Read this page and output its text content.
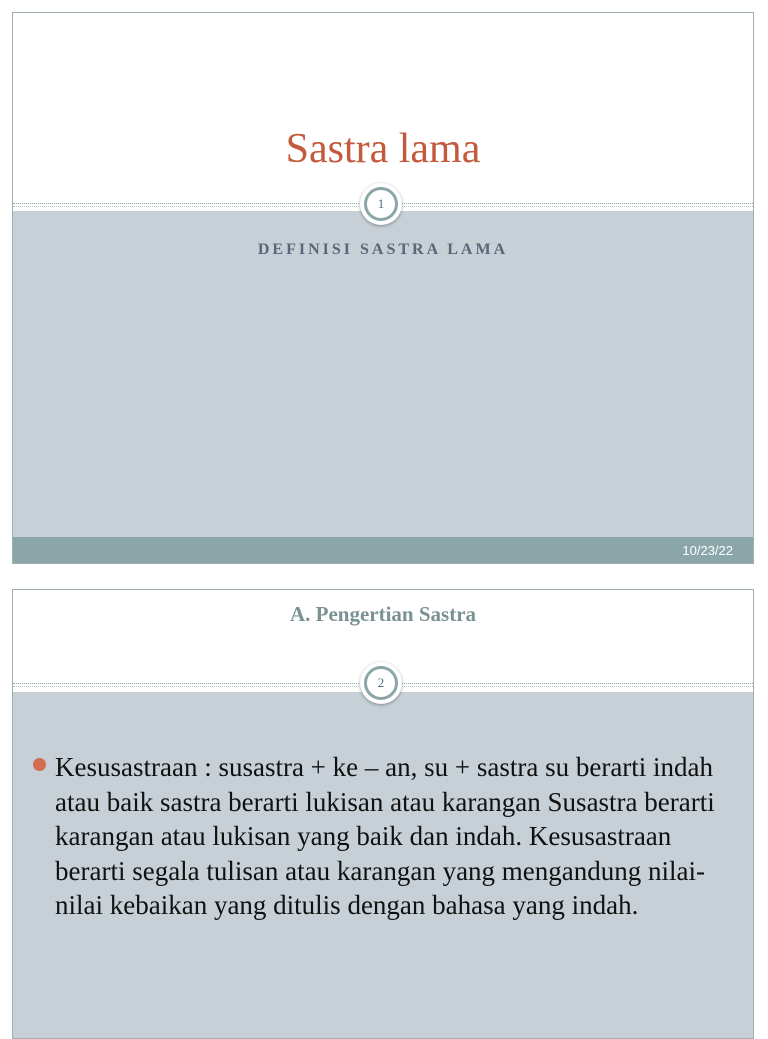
Sastra lama
1
DEFINISI SASTRA LAMA
10/23/22
A. Pengertian Sastra
2
Kesusastraan : susastra + ke – an, su + sastra su berarti indah atau baik sastra berarti lukisan atau karangan Susastra berarti karangan atau lukisan yang baik dan indah. Kesusastraan berarti segala tulisan atau karangan yang mengandung nilai-nilai kebaikan yang ditulis dengan bahasa yang indah.
